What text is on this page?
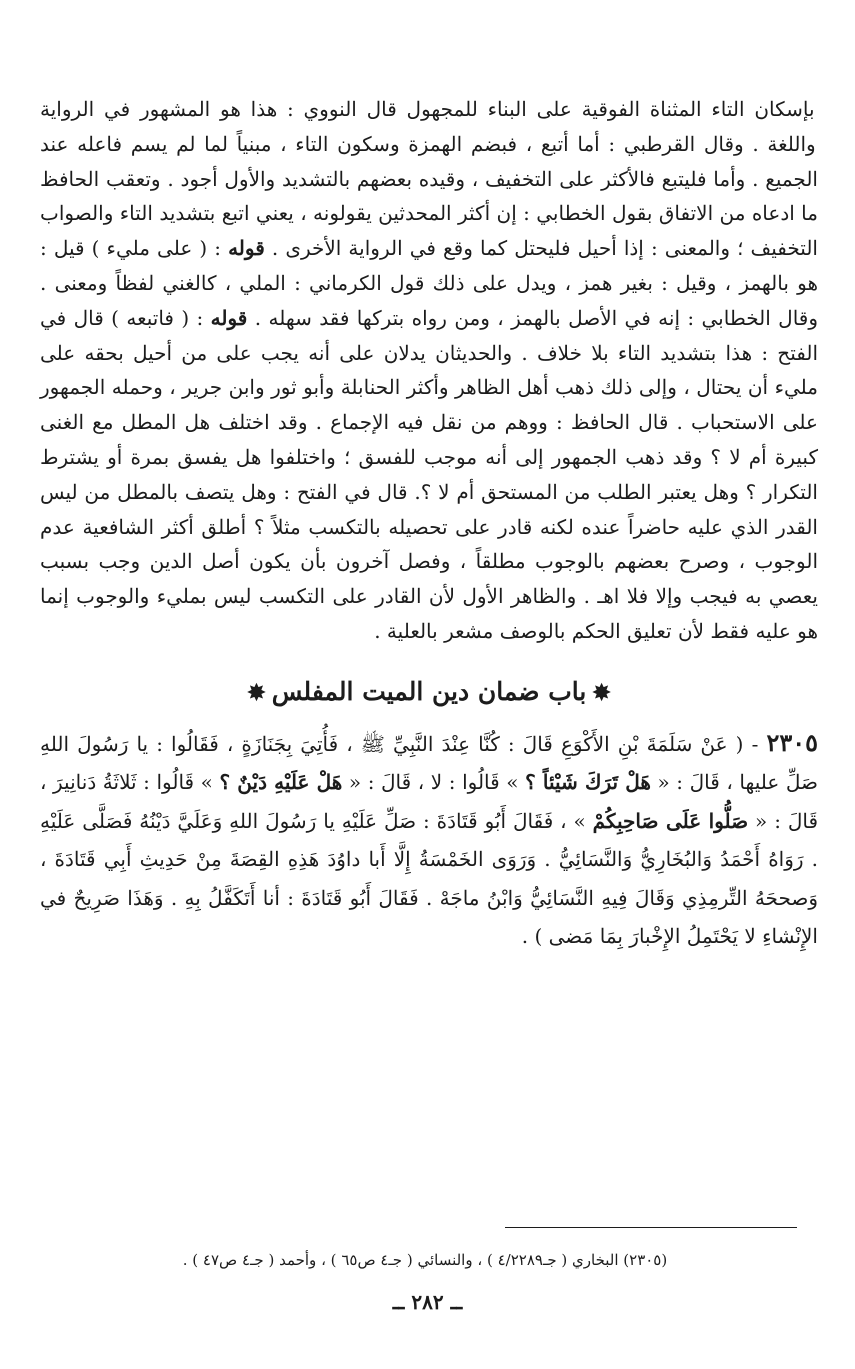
بإسكان التاء المثناة الفوقية على البناء للمجهول قال النووي : هذا هو المشهور في الرواية واللغة . وقال القرطبي : أما أتبع ، فبضم الهمزة وسكون التاء ، مبنياً لما لم يسم فاعله عند الجميع . وأما فليتبع فالأكثر على التخفيف ، وقيده بعضهم بالتشديد والأول أجود . وتعقب الحافظ ما ادعاه من الاتفاق بقول الخطابي : إن أكثر المحدثين يقولونه ، يعني اتبع بتشديد التاء والصواب التخفيف ؛ والمعنى : إذا أحيل فليحتل كما وقع في الرواية الأخرى . قوله : ( على مليء ) قيل : هو بالهمز ، وقيل : بغير همز ، ويدل على ذلك قول الكرماني : الملي ، كالغني لفظاً ومعنى . وقال الخطابي : إنه في الأصل بالهمز ، ومن رواه بتركها فقد سهله . قوله : ( فاتبعه ) قال في الفتح : هذا بتشديد التاء بلا خلاف . والحديثان يدلان على أنه يجب على من أحيل بحقه على مليء أن يحتال ، وإلى ذلك ذهب أهل الظاهر وأكثر الحنابلة وأبو ثور وابن جرير ، وحمله الجمهور على الاستحباب . قال الحافظ : ووهم من نقل فيه الإجماع . وقد اختلف هل المطل مع الغنى كبيرة أم لا ؟ وقد ذهب الجمهور إلى أنه موجب للفسق ؛ واختلفوا هل يفسق بمرة أو يشترط التكرار ؟ وهل يعتبر الطلب من المستحق أم لا ؟. قال في الفتح : وهل يتصف بالمطل من ليس القدر الذي عليه حاضراً عنده لكنه قادر على تحصيله بالتكسب مثلاً ؟ أطلق أكثر الشافعية عدم الوجوب ، وصرح بعضهم بالوجوب مطلقاً ، وفصل آخرون بأن يكون أصل الدين وجب بسبب يعصي به فيجب وإلا فلا اهـ . والظاهر الأول لأن القادر على التكسب ليس بمليء والوجوب إنما هو عليه فقط لأن تعليق الحكم بالوصف مشعر بالعلية .

✸باب ضمان دين الميت المفلس✸

٢٣٠٥ - ( عَنْ سَلَمَةَ بْنِ الأَكْوَعِ قَالَ : كُنَّا عِنْدَ النَّبِيِّ ﷺ ، فَأُتِيَ بِجَنَازَةٍ ، فَقَالُوا : يا رَسُولَ اللهِ صَلِّ عليها ، قَالَ : « هَلْ تَرَكَ شَيْئاً ؟ » قَالُوا : لا ، قَالَ : « هَلْ عَلَيْهِ دَيْنٌ ؟ » قَالُوا : ثَلاثَةُ دَنانِيرَ ، قَالَ : « صَلُّوا عَلَى صَاحِبِكُمْ » ، فَقَالَ أَبُو قَتَادَةَ : صَلِّ عَلَيْهِ يا رَسُولَ اللهِ وَعَلَيَّ دَيْنُهُ فَصَلَّى عَلَيْهِ . رَوَاهُ أَحْمَدُ وَالبُخَارِيُّ وَالنَّسَائِيُّ . وَرَوَى الخَمْسَةُ إِلَّا أَبا داوُدَ هَذِهِ القِصَةَ مِنْ حَدِيثِ أَبِي قَتَادَةَ ، وَصححَهُ التِّرمِذِي وَقَالَ فِيهِ النَّسَائِيُّ وَابْنُ ماجَهْ . فَقَالَ أَبُو قَتَادَةَ : أنا أَتَكَفَّلُ بِهِ . وَهَذَا صَرِيحٌ في الإِنْشاءِ لا يَحْتَمِلُ الإِخْبارَ بِمَا مَضى ) .

(٢٣٠٥) البخاري ( جـ٤/٢٢٨٩ ) ، والنسائي ( جـ٤ ص٦٥ ) ، وأحمد ( جـ٤ ص٤٧ ) .
ــ ٢٨٢ ــ
